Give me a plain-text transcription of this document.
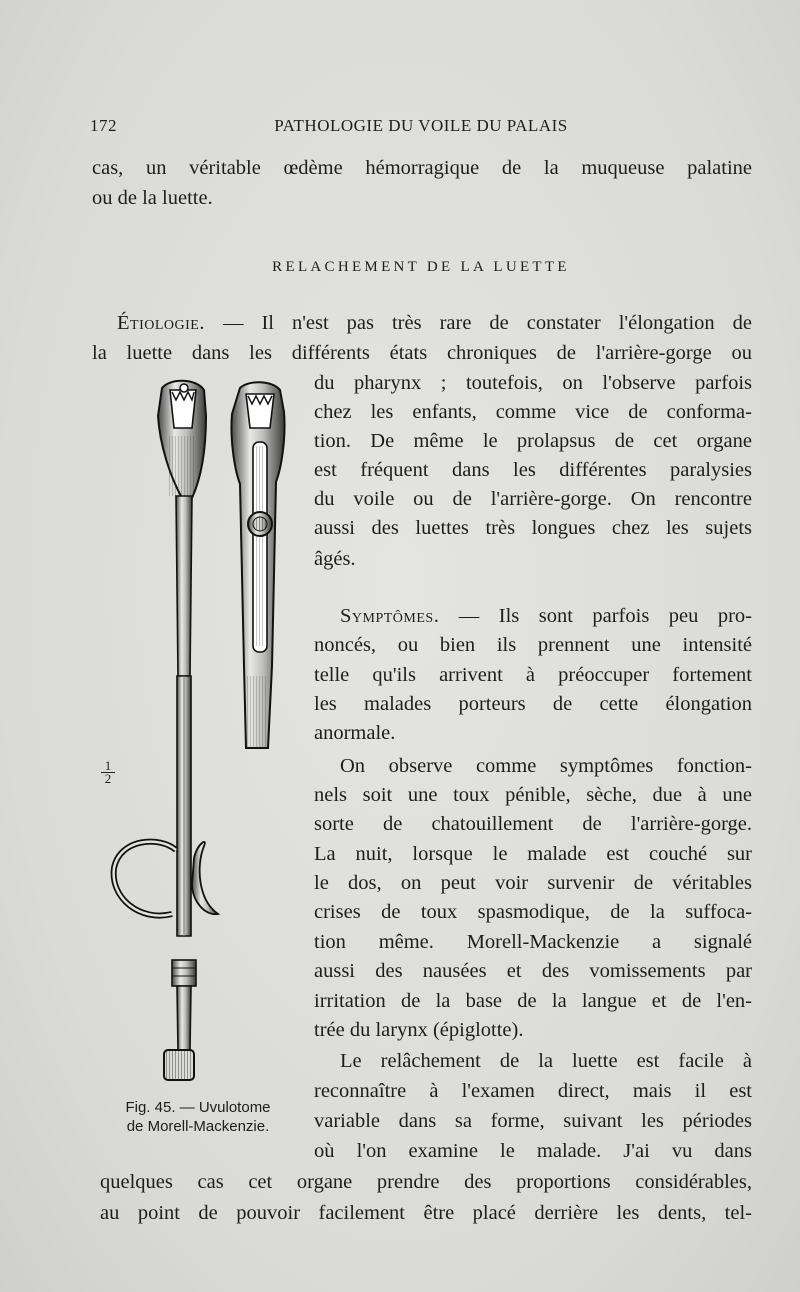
172	PATHOLOGIE DU VOILE DU PALAIS
cas, un véritable œdème hémorragique de la muqueuse palatine
ou de la luette.
RELACHEMENT DE LA LUETTE
Étiologie. — Il n'est pas très rare de constater l'élongation de
la luette dans les différents états chroniques de l'arrière-gorge ou
du pharynx ; toutefois, on l'observe parfois
chez les enfants, comme vice de conforma-
tion. De même le prolapsus de cet organe
est fréquent dans les différentes paralysies
du voile ou de l'arrière-gorge. On rencontre
aussi des luettes très longues chez les sujets
âgés.
Symptômes. — Ils sont parfois peu pro-
noncés, ou bien ils prennent une intensité
telle qu'ils arrivent à préoccuper fortement
les malades porteurs de cette élongation
anormale.
On observe comme symptômes fonction-
nels soit une toux pénible, sèche, due à une
sorte de chatouillement de l'arrière-gorge.
La nuit, lorsque le malade est couché sur
le dos, on peut voir survenir de véritables
crises de toux spasmodique, de la suffoca-
tion même. Morell-Mackenzie a signalé
aussi des nausées et des vomissements par
irritation de la base de la langue et de l'en-
trée du larynx (épiglotte).
Le relâchement de la luette est facile à
reconnaître à l'examen direct, mais il est
variable dans sa forme, suivant les périodes
où l'on examine le malade. J'ai vu dans
quelques cas cet organe prendre des proportions considérables,
au point de pouvoir facilement être placé derrière les dents, tel-
$\frac{1}{2}$
Fig. 45. — Uvulotome
de Morell-Mackenzie.
